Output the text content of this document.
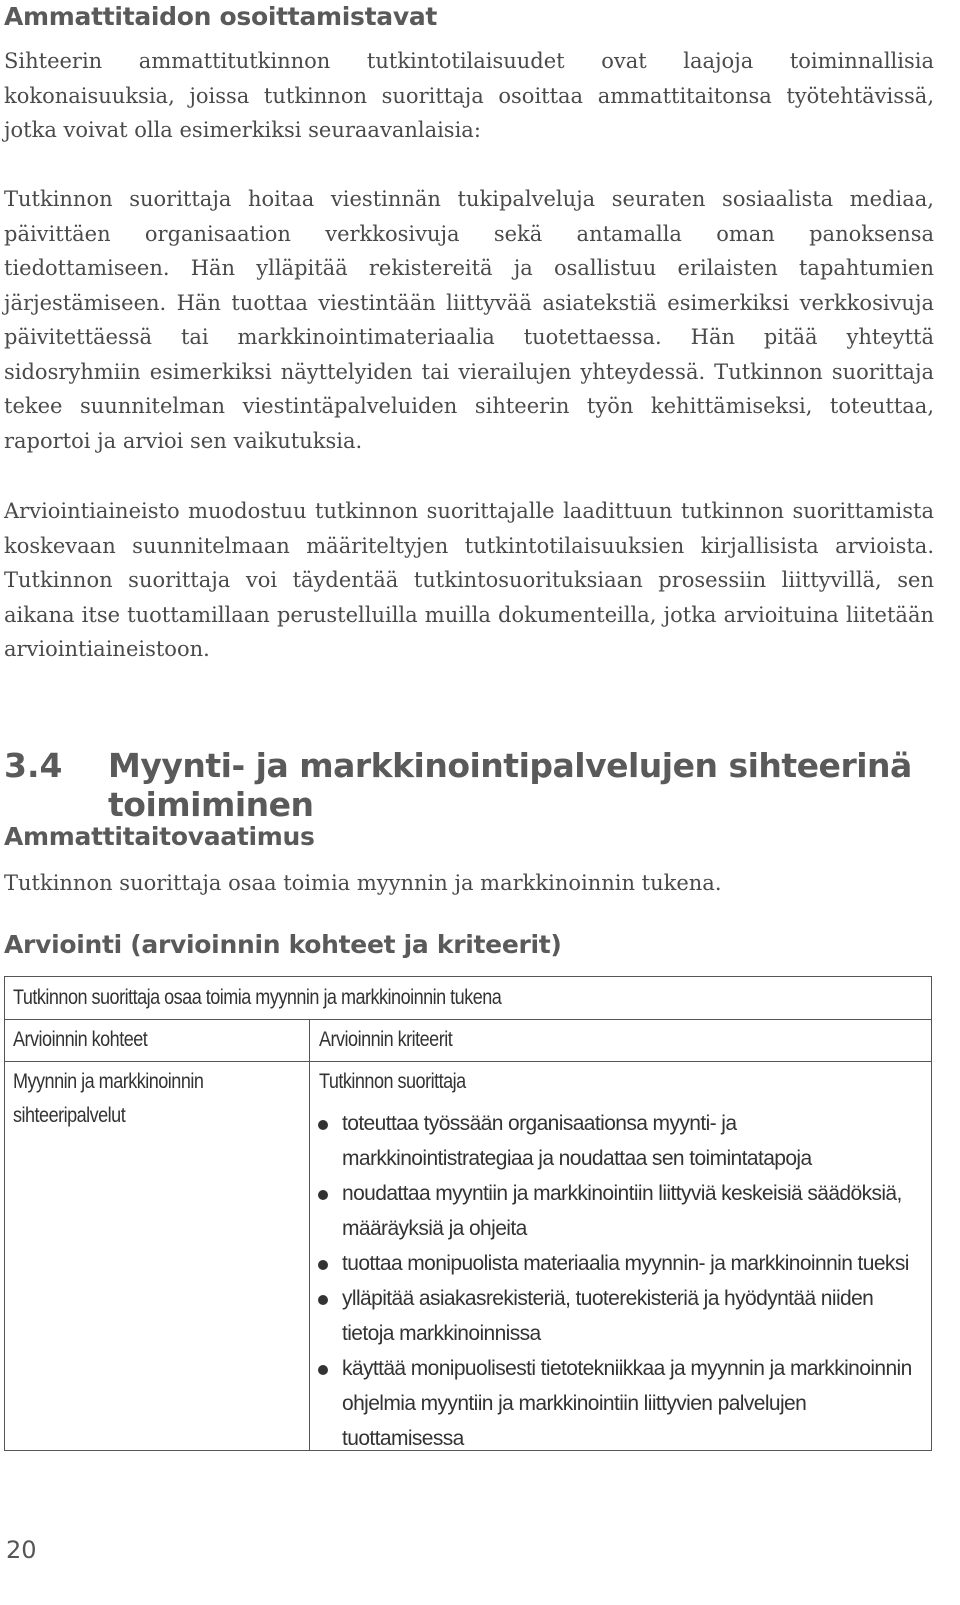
Ammattitaidon osoittamistavat

Sihteerin ammattitutkinnon tutkintotilaisuudet ovat laajoja toiminnallisia kokonaisuuksia, joissa tutkinnon suorittaja osoittaa ammattitaitonsa työtehtävissä, jotka voivat olla esimerkiksi seuraavanlaisia:

Tutkinnon suorittaja hoitaa viestinnän tukipalveluja seuraten sosiaalista mediaa, päivittäen organisaation verkkosivuja sekä antamalla oman panoksensa tiedottamiseen. Hän ylläpitää rekistereitä ja osallistuu erilaisten tapahtumien järjestämiseen. Hän tuottaa viestintään liittyvää asiatekstiä esimerkiksi verkkosivuja päivitettäessä tai markkinointimateriaalia tuotettaessa. Hän pitää yhteyttä sidosryhmiin esimerkiksi näyttelyiden tai vierailujen yhteydessä. Tutkinnon suorittaja tekee suunnitelman viestintäpalveluiden sihteerin työn kehittämiseksi, toteuttaa, raportoi ja arvioi sen vaikutuksia.

Arviointiaineisto muodostuu tutkinnon suorittajalle laadittuun tutkinnon suorittamista koskevaan suunnitelmaan määriteltyjen tutkintotilaisuuksien kirjallisista arvioista. Tutkinnon suorittaja voi täydentää tutkintosuorituksiaan prosessiin liittyvillä, sen aikana itse tuottamillaan perustelluilla muilla dokumenteilla, jotka arvioituina liitetään arviointiaineistoon.

3.4 Myynti- ja markkinointipalvelujen sihteerinä toimiminen
Ammattitaitovaatimus

Tutkinnon suorittaja osaa toimia myynnin ja markkinoinnin tukena.

Arviointi (arvioinnin kohteet ja kriteerit)
Tutkinnon suorittaja osaa toimia myynnin ja markkinoinnin tukena
Arvioinnin kohteet	Arvioinnin kriteerit
Myynnin ja markkinoinnin
sihteeripalvelut
Tutkinnon suorittaja
toteuttaa työssään organisaationsa myynti- ja markkinointistrategiaa ja noudattaa sen toimintatapoja
noudattaa myyntiin ja markkinointiin liittyviä keskeisiä säädöksiä, määräyksiä ja ohjeita
tuottaa monipuolista materiaalia myynnin- ja markkinoinnin tueksi
ylläpitää asiakasrekisteriä, tuoterekisteriä ja hyödyntää niiden tietoja markkinoinnissa
käyttää monipuolisesti tietotekniikkaa ja myynnin ja markkinoinnin ohjelmia myyntiin ja markkinointiin liittyvien palvelujen tuottamisessa
20
